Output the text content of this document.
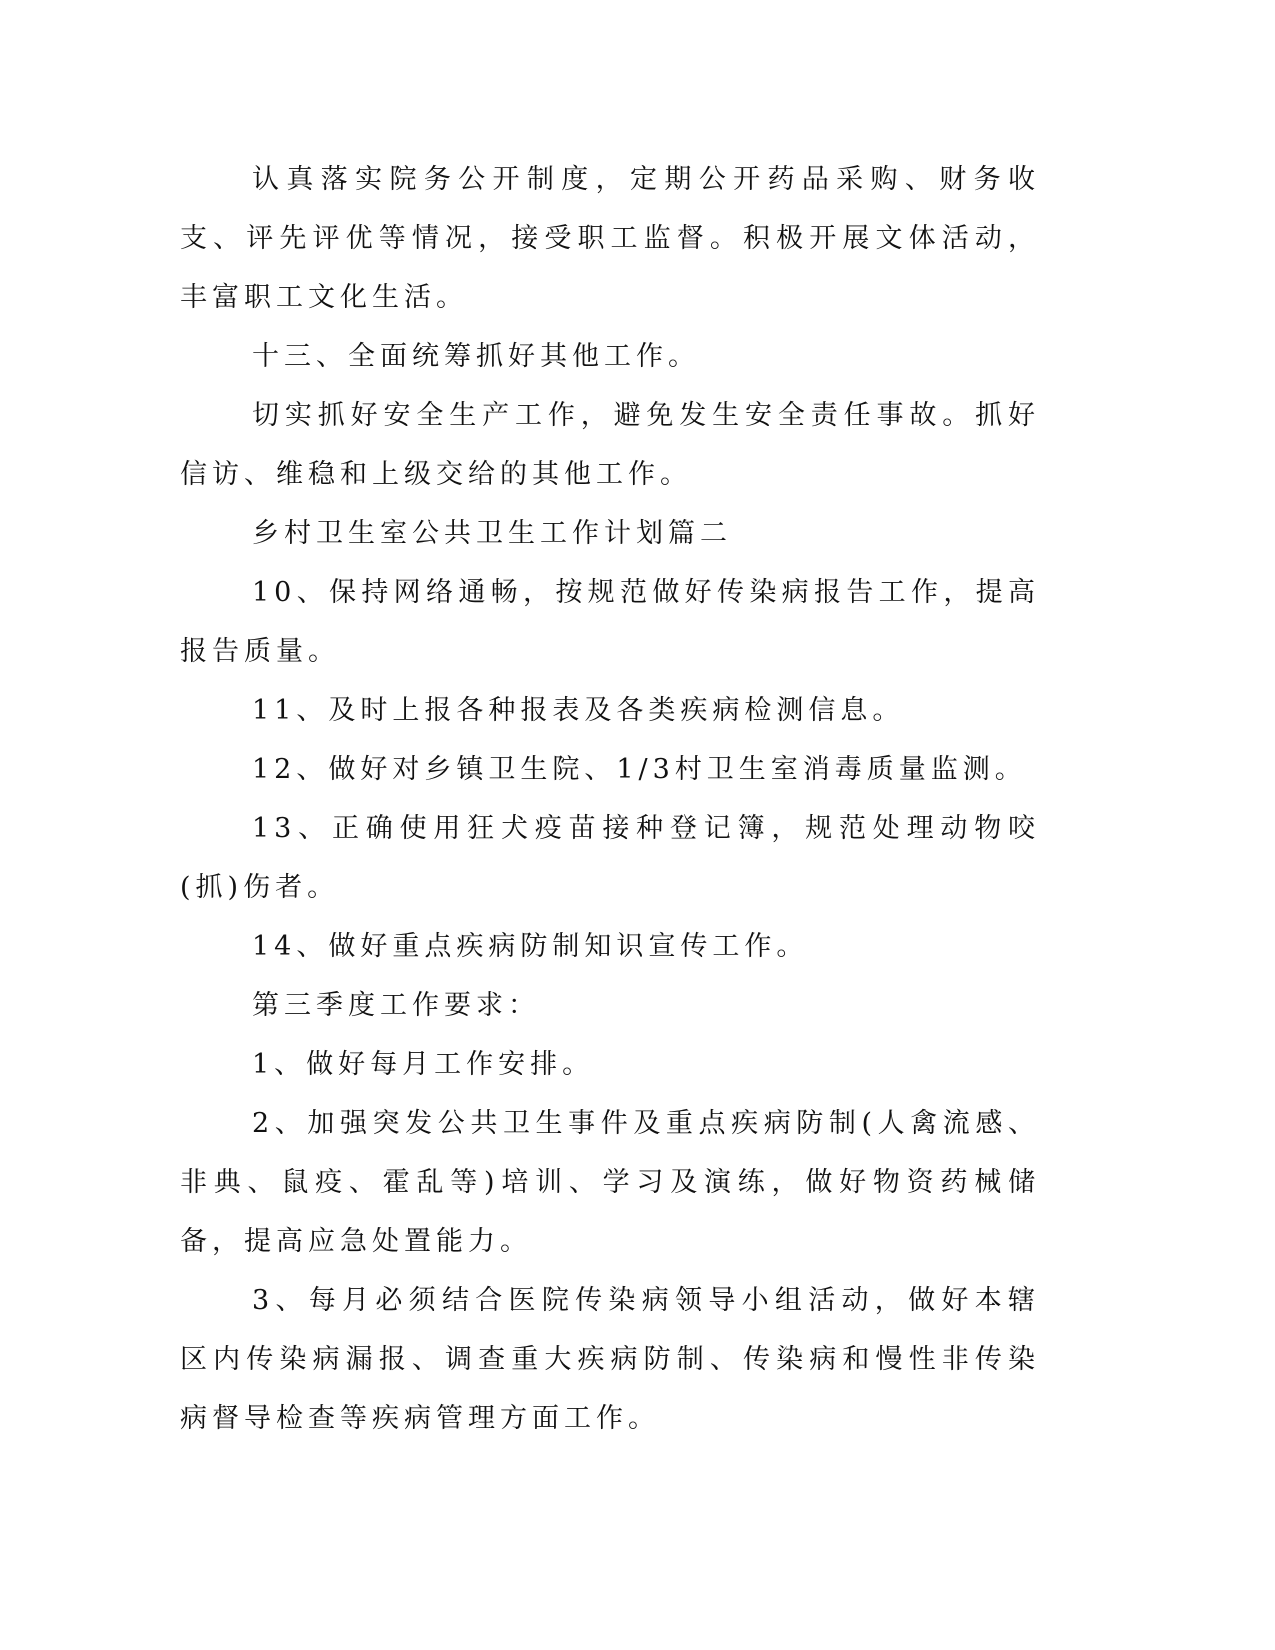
认真落实院务公开制度，定期公开药品采购、财务收支、评先评优等情况，接受职工监督。积极开展文体活动，丰富职工文化生活。

十三、全面统筹抓好其他工作。

切实抓好安全生产工作，避免发生安全责任事故。抓好信访、维稳和上级交给的其他工作。

乡村卫生室公共卫生工作计划篇二

10、保持网络通畅，按规范做好传染病报告工作，提高报告质量。

11、及时上报各种报表及各类疾病检测信息。

12、做好对乡镇卫生院、1/3村卫生室消毒质量监测。

13、正确使用狂犬疫苗接种登记簿，规范处理动物咬(抓)伤者。

14、做好重点疾病防制知识宣传工作。

第三季度工作要求：

1、做好每月工作安排。

2、加强突发公共卫生事件及重点疾病防制(人禽流感、非典、鼠疫、霍乱等)培训、学习及演练，做好物资药械储备，提高应急处置能力。

3、每月必须结合医院传染病领导小组活动，做好本辖区内传染病漏报、调查重大疾病防制、传染病和慢性非传染病督导检查等疾病管理方面工作。
